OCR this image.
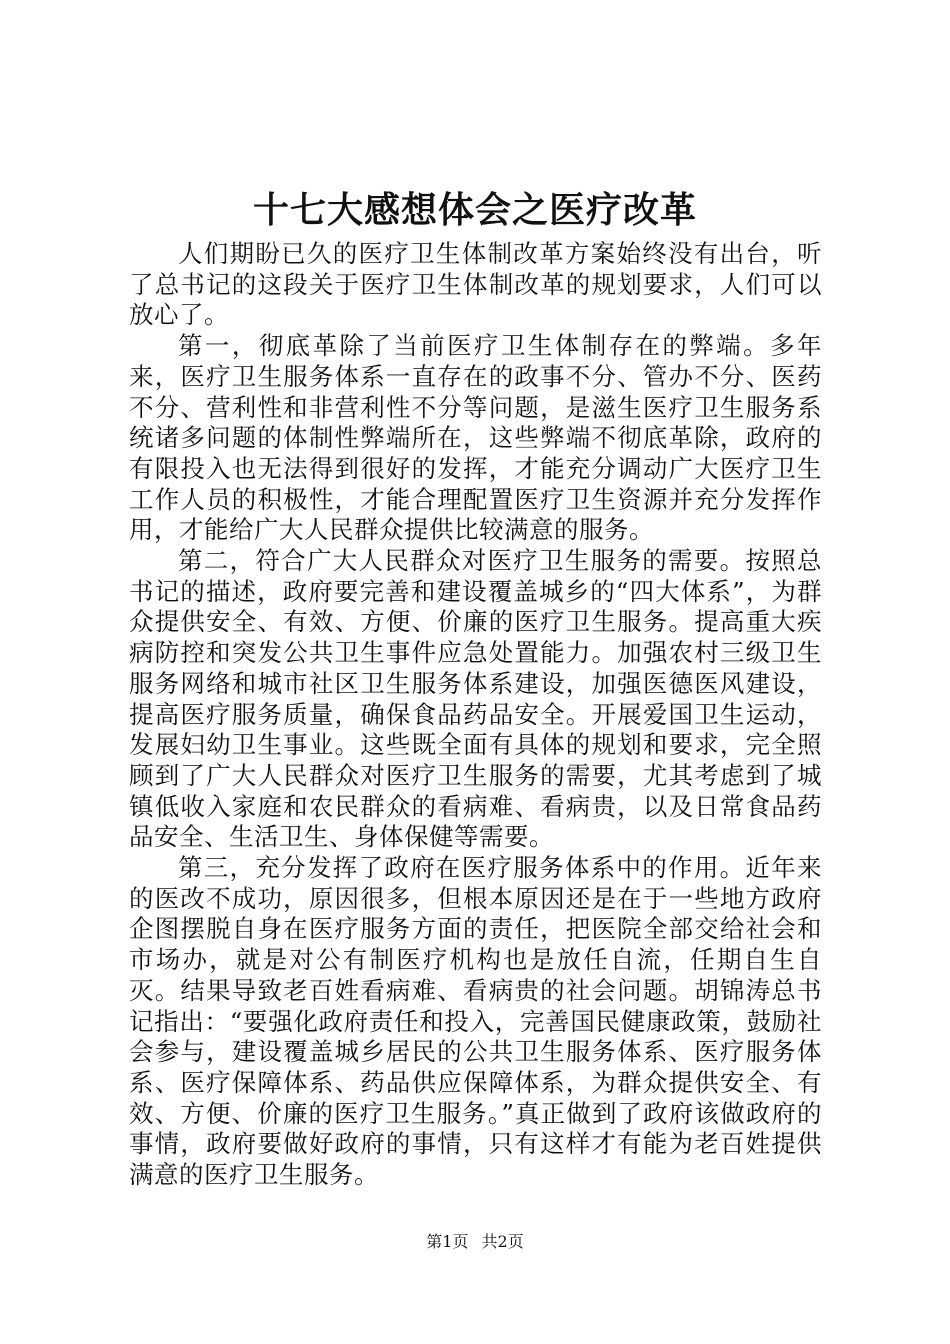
十七大感想体会之医疗改革

人们期盼已久的医疗卫生体制改革方案始终没有出台，听了总书记的这段关于医疗卫生体制改革的规划要求，人们可以放心了。

第一，彻底革除了当前医疗卫生体制存在的弊端。多年来，医疗卫生服务体系一直存在的政事不分、管办不分、医药不分、营利性和非营利性不分等问题，是滋生医疗卫生服务系统诸多问题的体制性弊端所在，这些弊端不彻底革除，政府的有限投入也无法得到很好的发挥，才能充分调动广大医疗卫生工作人员的积极性，才能合理配置医疗卫生资源并充分发挥作用，才能给广大人民群众提供比较满意的服务。

第二，符合广大人民群众对医疗卫生服务的需要。按照总书记的描述，政府要完善和建设覆盖城乡的“四大体系”，为群众提供安全、有效、方便、价廉的医疗卫生服务。提高重大疾病防控和突发公共卫生事件应急处置能力。加强农村三级卫生服务网络和城市社区卫生服务体系建设，加强医德医风建设，提高医疗服务质量，确保食品药品安全。开展爱国卫生运动，发展妇幼卫生事业。这些既全面有具体的规划和要求，完全照顾到了广大人民群众对医疗卫生服务的需要，尤其考虑到了城镇低收入家庭和农民群众的看病难、看病贵，以及日常食品药品安全、生活卫生、身体保健等需要。

第三，充分发挥了政府在医疗服务体系中的作用。近年来的医改不成功，原因很多，但根本原因还是在于一些地方政府企图摆脱自身在医疗服务方面的责任，把医院全部交给社会和市场办，就是对公有制医疗机构也是放任自流，任期自生自灭。结果导致老百姓看病难、看病贵的社会问题。胡锦涛总书记指出：“要强化政府责任和投入，完善国民健康政策，鼓励社会参与，建设覆盖城乡居民的公共卫生服务体系、医疗服务体系、医疗保障体系、药品供应保障体系，为群众提供安全、有效、方便、价廉的医疗卫生服务。”真正做到了政府该做政府的事情，政府要做好政府的事情，只有这样才有能为老百姓提供满意的医疗卫生服务。

第1页 共2页
